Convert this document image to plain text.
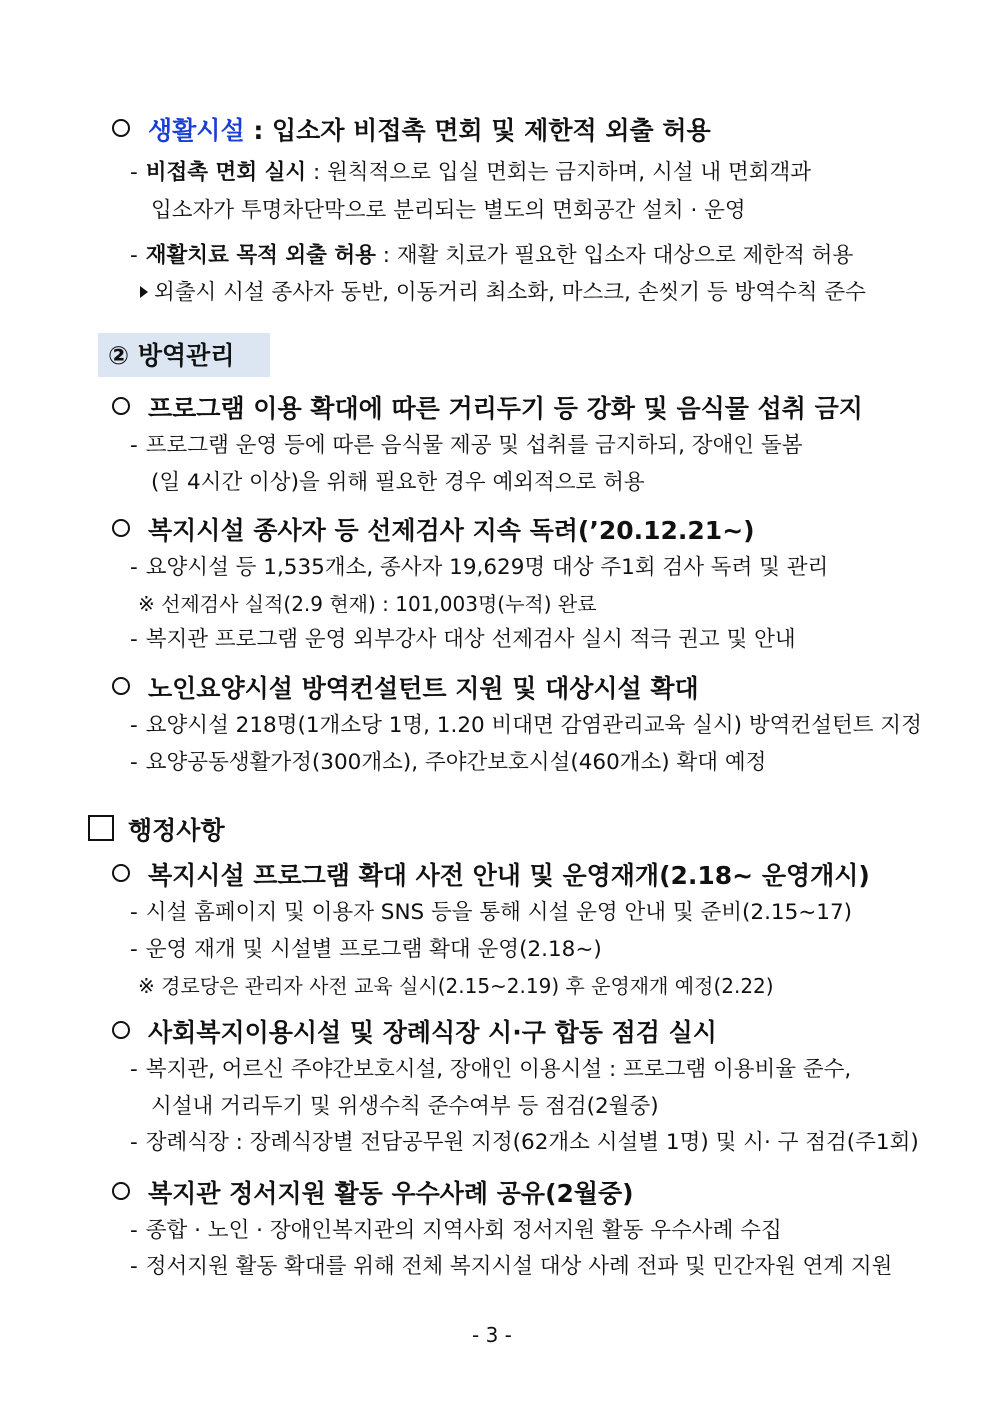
생활시설 : 입소자 비접촉 면회 및 제한적 외출 허용
- 비접촉 면회 실시 : 원칙적으로 입실 면회는 금지하며, 시설 내 면회객과
입소자가 투명차단막으로 분리되는 별도의 면회공간 설치 · 운영
- 재활치료 목적 외출 허용 : 재활 치료가 필요한 입소자 대상으로 제한적 허용
외출시 시설 종사자 동반, 이동거리 최소화, 마스크, 손씻기 등 방역수칙 준수
② 방역관리
프로그램 이용 확대에 따른 거리두기 등 강화 및 음식물 섭취 금지
- 프로그램 운영 등에 따른 음식물 제공 및 섭취를 금지하되, 장애인 돌봄
(일 4시간 이상)을 위해 필요한 경우 예외적으로 허용
복지시설 종사자 등 선제검사 지속 독려(’20.12.21~)
- 요양시설 등 1,535개소, 종사자 19,629명 대상 주1회 검사 독려 및 관리
※ 선제검사 실적(2.9 현재) : 101,003명(누적) 완료
- 복지관 프로그램 운영 외부강사 대상 선제검사 실시 적극 권고 및 안내
노인요양시설 방역컨설턴트 지원 및 대상시설 확대
- 요양시설 218명(1개소당 1명, 1.20 비대면 감염관리교육 실시) 방역컨설턴트 지정
- 요양공동생활가정(300개소), 주야간보호시설(460개소) 확대 예정
행정사항
복지시설 프로그램 확대 사전 안내 및 운영재개(2.18~ 운영개시)
- 시설 홈페이지 및 이용자 SNS 등을 통해 시설 운영 안내 및 준비(2.15~17)
- 운영 재개 및 시설별 프로그램 확대 운영(2.18~)
※ 경로당은 관리자 사전 교육 실시(2.15~2.19) 후 운영재개 예정(2.22)
사회복지이용시설 및 장례식장 시·구 합동 점검 실시
- 복지관, 어르신 주야간보호시설, 장애인 이용시설 : 프로그램 이용비율 준수,
시설내 거리두기 및 위생수칙 준수여부 등 점검(2월중)
- 장례식장 : 장례식장별 전담공무원 지정(62개소 시설별 1명) 및 시· 구 점검(주1회)
복지관 정서지원 활동 우수사례 공유(2월중)
- 종합 · 노인 · 장애인복지관의 지역사회 정서지원 활동 우수사례 수집
- 정서지원 활동 확대를 위해 전체 복지시설 대상 사례 전파 및 민간자원 연계 지원
- 3 -
